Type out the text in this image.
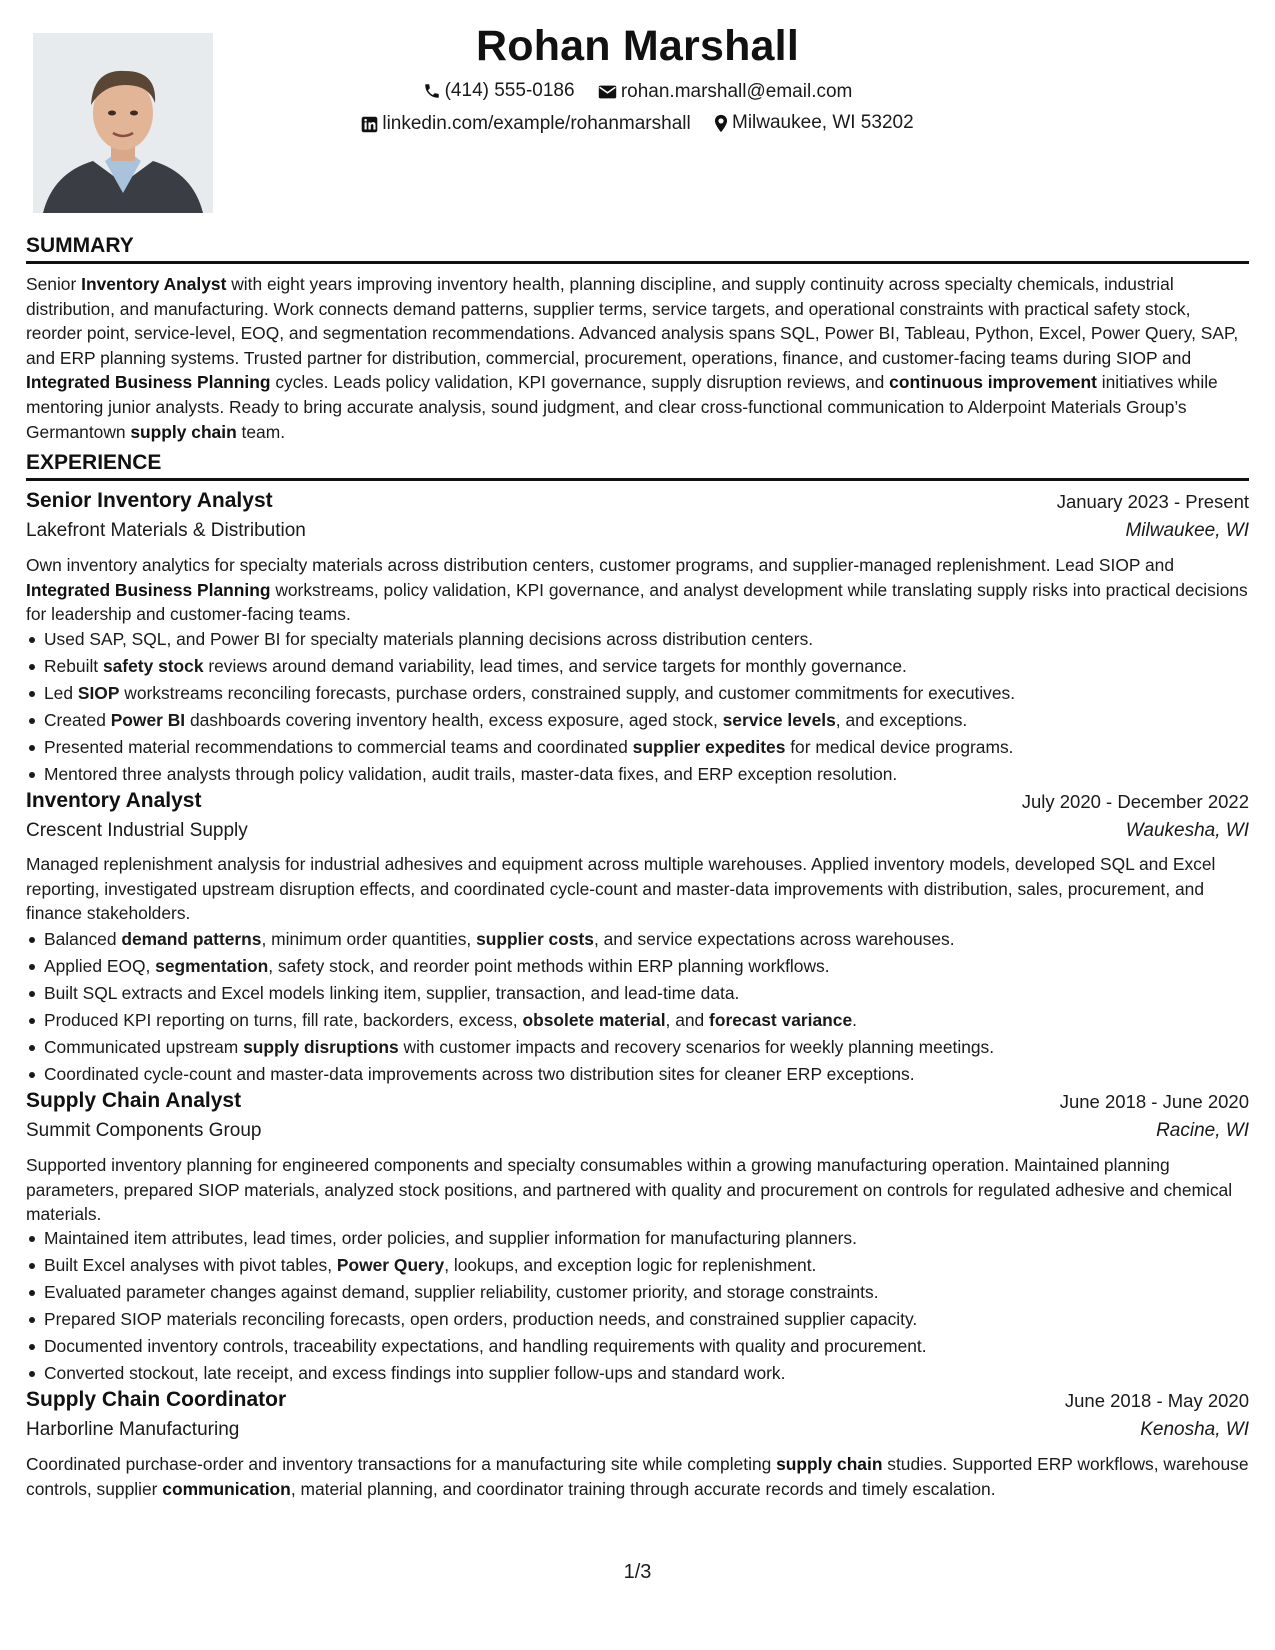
Rohan Marshall
(414) 555-0186
rohan.marshall@email.com
linkedin.com/example/rohanmarshall
Milwaukee, WI 53202
SUMMARY
Senior Inventory Analyst with eight years improving inventory health, planning discipline, and supply continuity across specialty chemicals, industrial distribution, and manufacturing. Work connects demand patterns, supplier terms, service targets, and operational constraints with practical safety stock, reorder point, service-level, EOQ, and segmentation recommendations. Advanced analysis spans SQL, Power BI, Tableau, Python, Excel, Power Query, SAP, and ERP planning systems. Trusted partner for distribution, commercial, procurement, operations, finance, and customer-facing teams during SIOP and Integrated Business Planning cycles. Leads policy validation, KPI governance, supply disruption reviews, and continuous improvement initiatives while mentoring junior analysts. Ready to bring accurate analysis, sound judgment, and clear cross-functional communication to Alderpoint Materials Group’s Germantown supply chain team.
EXPERIENCE
Senior Inventory Analyst	January 2023 - Present
Lakefront Materials & Distribution	Milwaukee, WI
Own inventory analytics for specialty materials across distribution centers, customer programs, and supplier-managed replenishment. Lead SIOP and Integrated Business Planning workstreams, policy validation, KPI governance, and analyst development while translating supply risks into practical decisions for leadership and customer-facing teams.
Used SAP, SQL, and Power BI for specialty materials planning decisions across distribution centers.
Rebuilt safety stock reviews around demand variability, lead times, and service targets for monthly governance.
Led SIOP workstreams reconciling forecasts, purchase orders, constrained supply, and customer commitments for executives.
Created Power BI dashboards covering inventory health, excess exposure, aged stock, service levels, and exceptions.
Presented material recommendations to commercial teams and coordinated supplier expedites for medical device programs.
Mentored three analysts through policy validation, audit trails, master-data fixes, and ERP exception resolution.
Inventory Analyst	July 2020 - December 2022
Crescent Industrial Supply	Waukesha, WI
Managed replenishment analysis for industrial adhesives and equipment across multiple warehouses. Applied inventory models, developed SQL and Excel reporting, investigated upstream disruption effects, and coordinated cycle-count and master-data improvements with distribution, sales, procurement, and finance stakeholders.
Balanced demand patterns, minimum order quantities, supplier costs, and service expectations across warehouses.
Applied EOQ, segmentation, safety stock, and reorder point methods within ERP planning workflows.
Built SQL extracts and Excel models linking item, supplier, transaction, and lead-time data.
Produced KPI reporting on turns, fill rate, backorders, excess, obsolete material, and forecast variance.
Communicated upstream supply disruptions with customer impacts and recovery scenarios for weekly planning meetings.
Coordinated cycle-count and master-data improvements across two distribution sites for cleaner ERP exceptions.
Supply Chain Analyst	June 2018 - June 2020
Summit Components Group	Racine, WI
Supported inventory planning for engineered components and specialty consumables within a growing manufacturing operation. Maintained planning parameters, prepared SIOP materials, analyzed stock positions, and partnered with quality and procurement on controls for regulated adhesive and chemical materials.
Maintained item attributes, lead times, order policies, and supplier information for manufacturing planners.
Built Excel analyses with pivot tables, Power Query, lookups, and exception logic for replenishment.
Evaluated parameter changes against demand, supplier reliability, customer priority, and storage constraints.
Prepared SIOP materials reconciling forecasts, open orders, production needs, and constrained supplier capacity.
Documented inventory controls, traceability expectations, and handling requirements with quality and procurement.
Converted stockout, late receipt, and excess findings into supplier follow-ups and standard work.
Supply Chain Coordinator	June 2018 - May 2020
Harborline Manufacturing	Kenosha, WI
Coordinated purchase-order and inventory transactions for a manufacturing site while completing supply chain studies. Supported ERP workflows, warehouse controls, supplier communication, material planning, and coordinator training through accurate records and timely escalation.
1/3
